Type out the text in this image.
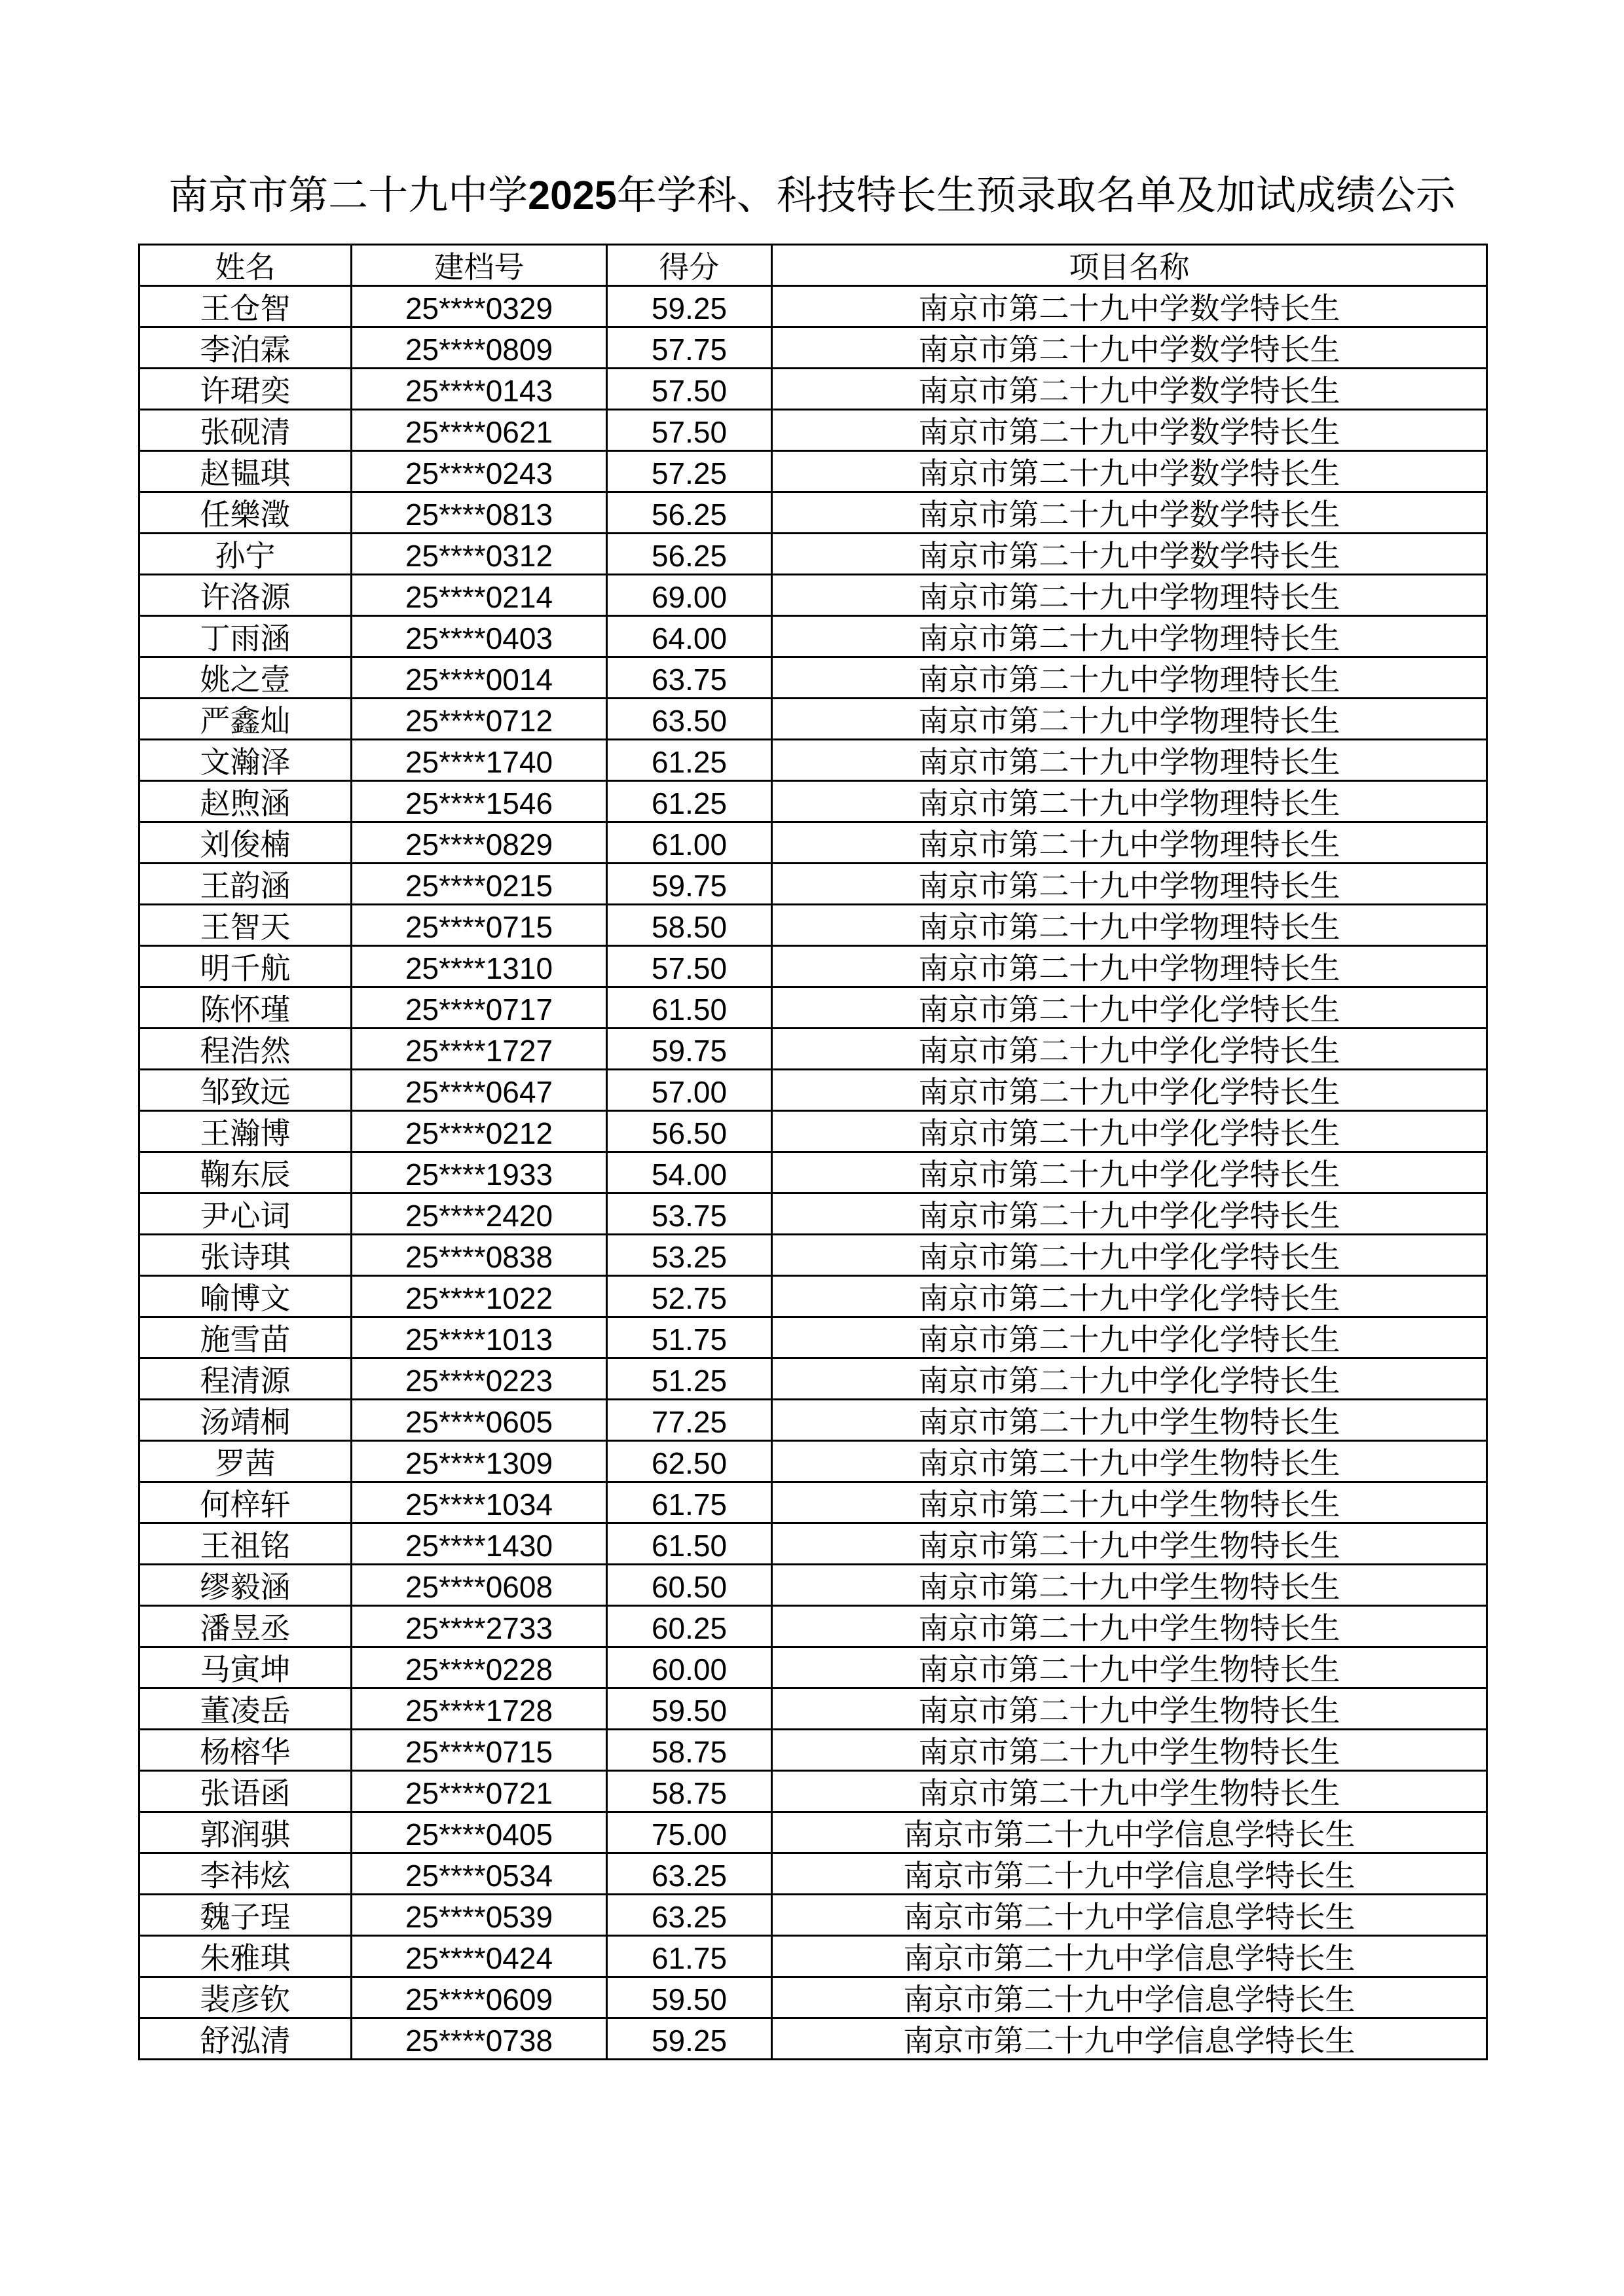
南京市第二十九中学2025年学科、科技特长生预录取名单及加试成绩公示
姓名	建档号	得分	项目名称
王仓智	25****0329	59.25	南京市第二十九中学数学特长生
李泊霖	25****0809	57.75	南京市第二十九中学数学特长生
许珺奕	25****0143	57.50	南京市第二十九中学数学特长生
张砚清	25****0621	57.50	南京市第二十九中学数学特长生
赵韫琪	25****0243	57.25	南京市第二十九中学数学特长生
任樂澂	25****0813	56.25	南京市第二十九中学数学特长生
孙宁	25****0312	56.25	南京市第二十九中学数学特长生
许洛源	25****0214	69.00	南京市第二十九中学物理特长生
丁雨涵	25****0403	64.00	南京市第二十九中学物理特长生
姚之壹	25****0014	63.75	南京市第二十九中学物理特长生
严鑫灿	25****0712	63.50	南京市第二十九中学物理特长生
文瀚泽	25****1740	61.25	南京市第二十九中学物理特长生
赵煦涵	25****1546	61.25	南京市第二十九中学物理特长生
刘俊楠	25****0829	61.00	南京市第二十九中学物理特长生
王韵涵	25****0215	59.75	南京市第二十九中学物理特长生
王智天	25****0715	58.50	南京市第二十九中学物理特长生
明千航	25****1310	57.50	南京市第二十九中学物理特长生
陈怀瑾	25****0717	61.50	南京市第二十九中学化学特长生
程浩然	25****1727	59.75	南京市第二十九中学化学特长生
邹致远	25****0647	57.00	南京市第二十九中学化学特长生
王瀚博	25****0212	56.50	南京市第二十九中学化学特长生
鞠东辰	25****1933	54.00	南京市第二十九中学化学特长生
尹心词	25****2420	53.75	南京市第二十九中学化学特长生
张诗琪	25****0838	53.25	南京市第二十九中学化学特长生
喻博文	25****1022	52.75	南京市第二十九中学化学特长生
施雪苗	25****1013	51.75	南京市第二十九中学化学特长生
程清源	25****0223	51.25	南京市第二十九中学化学特长生
汤靖桐	25****0605	77.25	南京市第二十九中学生物特长生
罗茜	25****1309	62.50	南京市第二十九中学生物特长生
何梓轩	25****1034	61.75	南京市第二十九中学生物特长生
王祖铭	25****1430	61.50	南京市第二十九中学生物特长生
缪毅涵	25****0608	60.50	南京市第二十九中学生物特长生
潘昱丞	25****2733	60.25	南京市第二十九中学生物特长生
马寅坤	25****0228	60.00	南京市第二十九中学生物特长生
董凌岳	25****1728	59.50	南京市第二十九中学生物特长生
杨榕华	25****0715	58.75	南京市第二十九中学生物特长生
张语函	25****0721	58.75	南京市第二十九中学生物特长生
郭润骐	25****0405	75.00	南京市第二十九中学信息学特长生
李祎炫	25****0534	63.25	南京市第二十九中学信息学特长生
魏子珵	25****0539	63.25	南京市第二十九中学信息学特长生
朱雅琪	25****0424	61.75	南京市第二十九中学信息学特长生
裴彦钦	25****0609	59.50	南京市第二十九中学信息学特长生
舒泓清	25****0738	59.25	南京市第二十九中学信息学特长生
